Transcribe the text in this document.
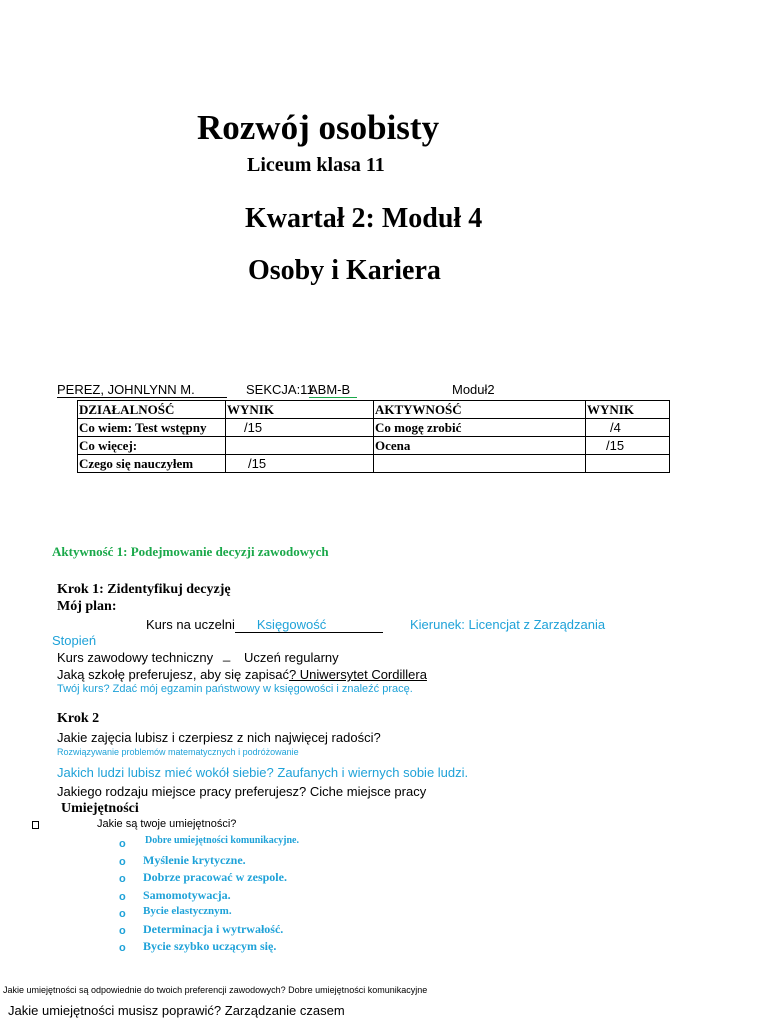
Rozwój osobisty
Liceum klasa 11
Kwartał 2: Moduł 4
Osoby i Kariera
PEREZ, JOHNLYNN M.	SEKCJA:11
ABM-B	Moduł2
DZIAŁALNOŚĆ	WYNIK	AKTYWNOŚĆ	WYNIK
Co wiem: Test wstępny	/15	Co mogę zrobić	/4
Co więcej:		Ocena	/15
Czego się nauczyłem	/15		
Aktywność 1: Podejmowanie decyzji zawodowych
Krok 1: Zidentyfikuj decyzję
Mój plan:
Kurs na uczelni Księgowość	Kierunek: Licencjat z Zarządzania
Stopień
Kurs zawodowy techniczny _ Uczeń regularny
Jaką szkołę preferujesz, aby się zapisać? Uniwersytet Cordillera
Twój kurs? Zdać mój egzamin państwowy w księgowości i znaleźć pracę.
Krok 2
Jakie zajęcia lubisz i czerpiesz z nich najwięcej radości?
Rozwiązywanie problemów matematycznych i podróżowanie
Jakich ludzi lubisz mieć wokół siebie? Zaufanych i wiernych sobie ludzi.
Jakiego rodzaju miejsce pracy preferujesz? Ciche miejsce pracy
Umiejętności
Jakie są twoje umiejętności?
o Dobre umiejętności komunikacyjne.
o Myślenie krytyczne.
o Dobrze pracować w zespole.
o Samomotywacja.
o Bycie elastycznym.
o Determinacja i wytrwałość.
o Bycie szybko uczącym się.
Jakie umiejętności są odpowiednie do twoich preferencji zawodowych? Dobre umiejętności komunikacyjne
Jakie umiejętności musisz poprawić? Zarządzanie czasem
